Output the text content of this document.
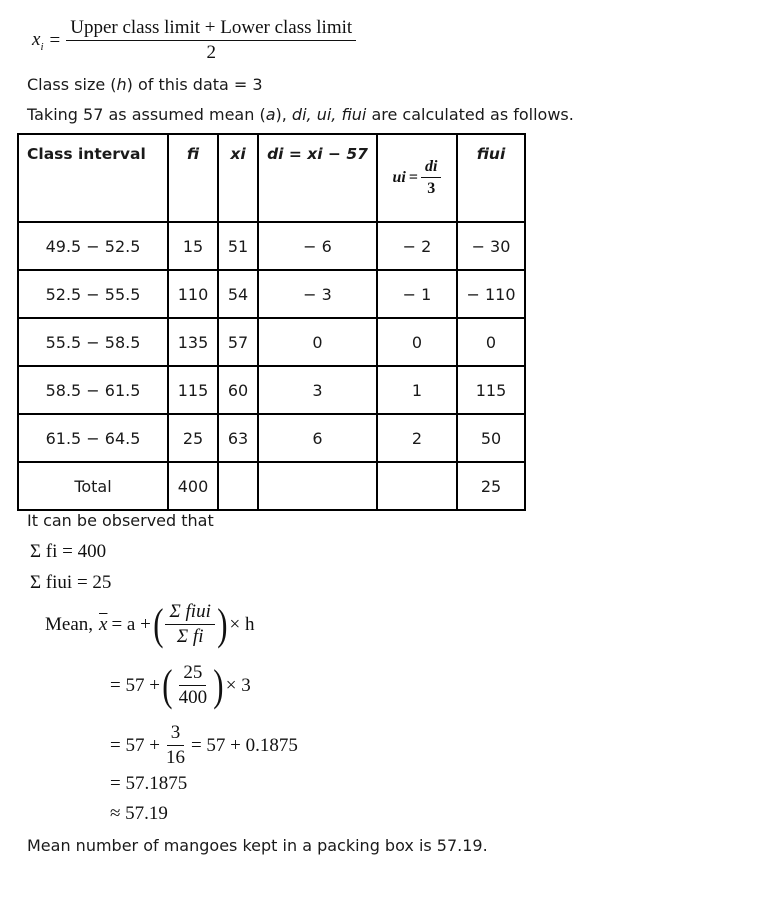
$x_i = \frac{\text{Upper class limit + Lower class limit}}{2}$
Class size (h) of this data = 3
Taking 57 as assumed mean (a), di, ui, fiui are calculated as follows.
Class interval	fi	xi	di = xi − 57	ui = $\frac{di}{3}$	fiui
49.5 − 52.5	15	51	− 6	− 2	− 30
52.5 − 55.5	110	54	− 3	− 1	− 110
55.5 − 58.5	135	57	0	0	0
58.5 − 61.5	115	60	3	1	115
61.5 − 64.5	25	63	6	2	50
Total	400				25
It can be observed that
Σ fi = 400
Σ fiui = 25
Mean, $\overline{x} = a$ + ( $\frac{\text{Σ fiui}}{\text{Σ fi}}$ ) × h
= 57 + ( $\frac{25}{400}$ ) × 3
= $57 + \frac{3}{16} = 57 + 0.1875$
= 57.1875
≈ 57.19
Mean number of mangoes kept in a packing box is 57.19.
